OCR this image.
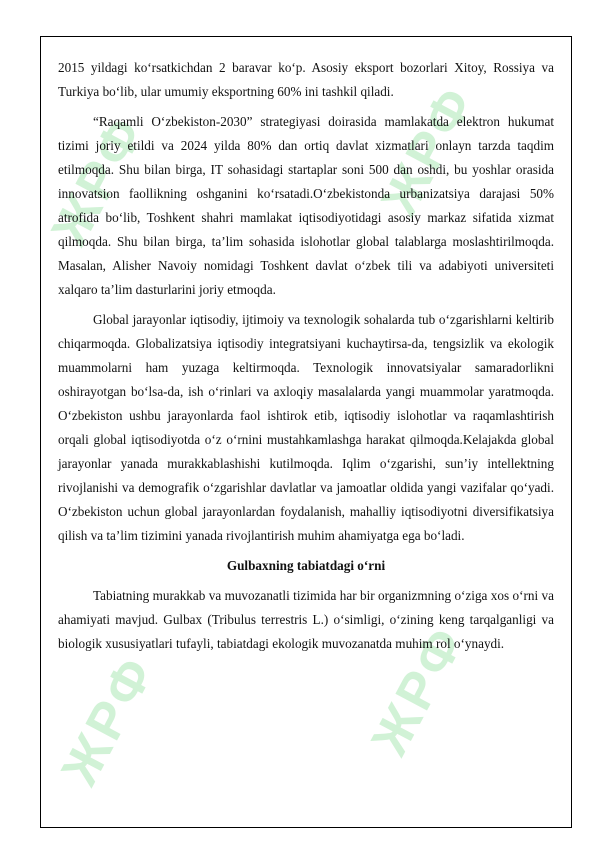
ЖРФ	ЖРФ
ЖРФ	ЖРФ

2015 yildagi koʻrsatkichdan 2 baravar koʻp. Asosiy eksport bozorlari Xitoy, Rossiya va Turkiya boʻlib, ular umumiy eksportning 60% ini tashkil qiladi.

“Raqamli Oʻzbekiston-2030” strategiyasi doirasida mamlakatda elektron hukumat tizimi joriy etildi va 2024 yilda 80% dan ortiq davlat xizmatlari onlayn tarzda taqdim etilmoqda. Shu bilan birga, IT sohasidagi startaplar soni 500 dan oshdi, bu yoshlar orasida innovatsion faollikning oshganini koʻrsatadi.Oʻzbekistonda urbanizatsiya darajasi 50% atrofida boʻlib, Toshkent shahri mamlakat iqtisodiyotidagi asosiy markaz sifatida xizmat qilmoqda. Shu bilan birga, taʼlim sohasida islohotlar global talablarga moslashtirilmoqda. Masalan, Alisher Navoiy nomidagi Toshkent davlat oʻzbek tili va adabiyoti universiteti xalqaro taʼlim dasturlarini joriy etmoqda.

Global jarayonlar iqtisodiy, ijtimoiy va texnologik sohalarda tub oʻzgarishlarni keltirib chiqarmoqda. Globalizatsiya iqtisodiy integratsiyani kuchaytirsa-da, tengsizlik va ekologik muammolarni ham yuzaga keltirmoqda. Texnologik innovatsiyalar samaradorlikni oshirayotgan boʻlsa-da, ish oʻrinlari va axloqiy masalalarda yangi muammolar yaratmoqda. Oʻzbekiston ushbu jarayonlarda faol ishtirok etib, iqtisodiy islohotlar va raqamlashtirish orqali global iqtisodiyotda oʻz oʻrnini mustahkamlashga harakat qilmoqda.Kelajakda global jarayonlar yanada murakkablashishi kutilmoqda. Iqlim oʻzgarishi, sunʼiy intellektning rivojlanishi va demografik oʻzgarishlar davlatlar va jamoatlar oldida yangi vazifalar qoʻyadi. Oʻzbekiston uchun global jarayonlardan foydalanish, mahalliy iqtisodiyotni diversifikatsiya qilish va taʼlim tizimini yanada rivojlantirish muhim ahamiyatga ega boʻladi.

Gulbaxning tabiatdagi oʻrni

Tabiatning murakkab va muvozanatli tizimida har bir organizmning oʻziga xos oʻrni va ahamiyati mavjud. Gulbax (Tribulus terrestris L.) oʻsimligi, oʻzining keng tarqalganligi va biologik xususiyatlari tufayli, tabiatdagi ekologik muvozanatda muhim rol oʻynaydi.
